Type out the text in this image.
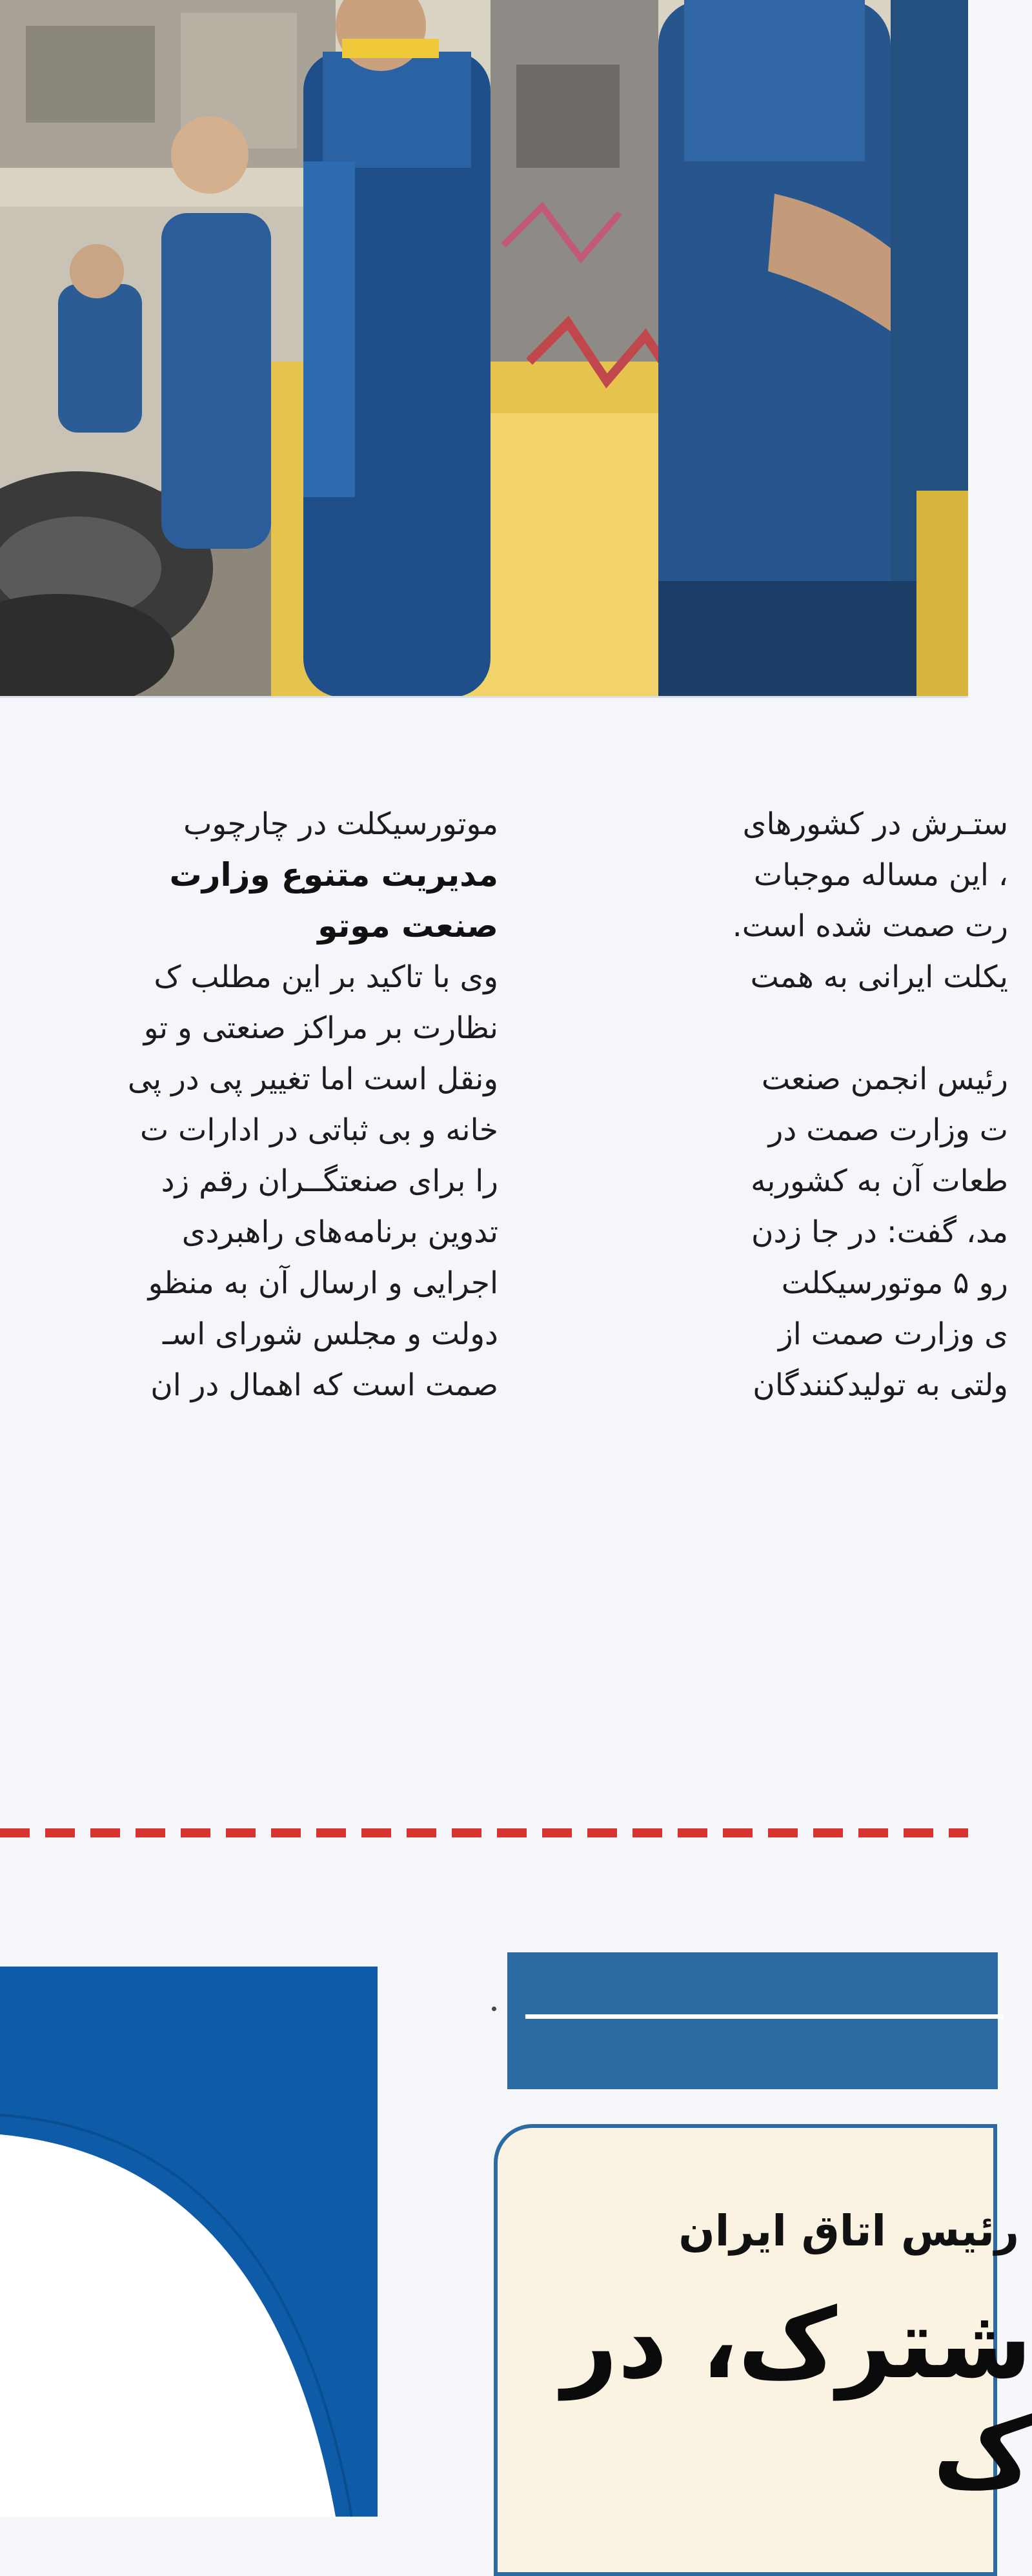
ستـرش در کشورهای

، این مساله موجبات

رت صمت شده است.

یکلت ایرانی به همت

رئیس انجمن صنعت

ت وزارت صمت در

طعات آن به کشوربه

مد، گفت: در جا زدن

رو ۵ موتورسیکلت

ی وزارت صمت از

ولتی به تولیدکنندگان

موتورسیکلت در چارچوب

مدیریت متنوع وزارت

صنعت موتو

وی با تاکید بر این مطلب ک

نظارت بر مراکز صنعتی و تو

ونقل است اما تغییر پی در پی

خانه و بی ثباتی در ادارات ت

را برای صنعتگــران رقم زد

تدوین برنامه‌های راهبردی

اجرایی و ارسال آن به منظو

دولت و مجلس شورای اسـ

صمت است که اهمال در ان

رئیس اتاق ایران
شترک، در
ک
